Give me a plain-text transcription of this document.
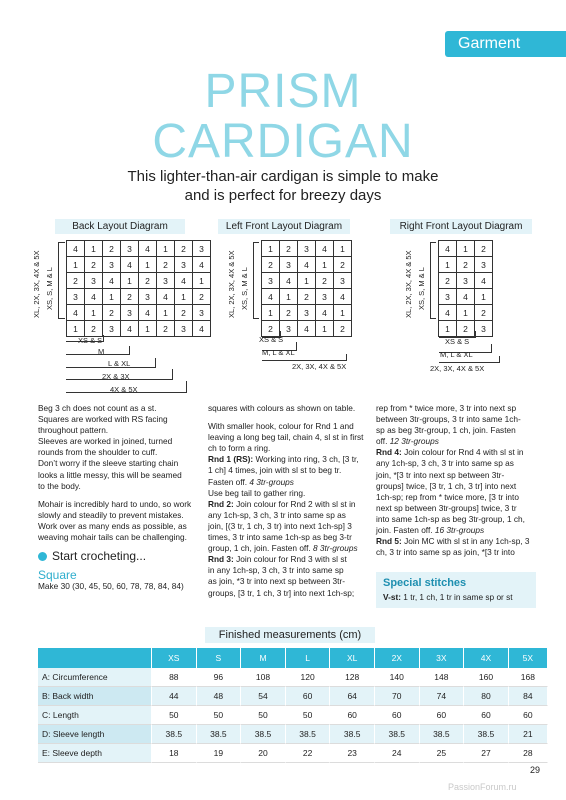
Garment
PRISM
CARDIGAN
This lighter-than-air cardigan is simple to make
and is perfect for breezy days
Back Layout Diagram
XL, 2X, 3X, 4X & 5X XS, S, M & L
4	1	2	3	4	1	2	3
1	2	3	4	1	2	3	4
2	3	4	1	2	3	4	1
3	4	1	2	3	4	1	2
4	1	2	3	4	1	2	3
1	2	3	4	1	2	3	4
XS & S
M
L & XL
2X & 3X
4X & 5X
Left Front Layout Diagram
XL, 2X, 3X, 4X & 5X XS, S, M & L
1	2	3	4	1
2	3	4	1	2
3	4	1	2	3
4	1	2	3	4
1	2	3	4	1
2	3	4	1	2
XS & S
M, L & XL
2X, 3X, 4X & 5X
Right Front Layout Diagram
XL, 2X, 3X, 4X & 5X XS, S, M & L
4	1	2
1	2	3
2	3	4
3	4	1
4	1	2
1	2	3
XS & S
M, L & XL
2X, 3X, 4X & 5X

Beg 3 ch does not count as a st.

Squares are worked with RS facing

throughout pattern.

Sleeves are worked in joined, turned

rounds from the shoulder to cuff.

Don’t worry if the sleeve starting chain

looks a little messy, this will be seamed

to the body.

Mohair is incredibly hard to undo, so work

slowly and steadily to prevent mistakes.

Work over as many ends as possible, as

weaving mohair tails can be challenging.

Start crocheting...
Square

Make 30 (30, 45, 50, 60, 78, 78, 84, 84)

squares with colours as shown on table.

With smaller hook, colour for Rnd 1 and

leaving a long beg tail, chain 4, sl st in first

ch to form a ring.

Rnd 1 (RS): Working into ring, 3 ch, [3 tr,

1 ch] 4 times, join with sl st to beg tr.

Fasten off. 4 3tr-groups

Use beg tail to gather ring.

Rnd 2: Join colour for Rnd 2 with sl st in

any 1ch-sp, 3 ch, 3 tr into same sp as

join, [(3 tr, 1 ch, 3 tr) into next 1ch-sp] 3

times, 3 tr into same 1ch-sp as beg 3-tr

group, 1 ch, join. Fasten off. 8 3tr-groups

Rnd 3: Join colour for Rnd 3 with sl st

in any 1ch-sp, 3 ch, 3 tr into same sp

as join, *3 tr into next sp between 3tr-

groups, [3 tr, 1 ch, 3 tr] into next 1ch-sp;

rep from * twice more, 3 tr into next sp

between 3tr-groups, 3 tr into same 1ch-

sp as beg 3tr-group, 1 ch, join. Fasten

off. 12 3tr-groups

Rnd 4: Join colour for Rnd 4 with sl st in

any 1ch-sp, 3 ch, 3 tr into same sp as

join, *[3 tr into next sp between 3tr-

groups] twice, [3 tr, 1 ch, 3 tr] into next

1ch-sp; rep from * twice more, [3 tr into

next sp between 3tr-groups] twice, 3 tr

into same 1ch-sp as beg 3tr-group, 1 ch,

join. Fasten off. 16 3tr-groups

Rnd 5: Join MC with sl st in any 1ch-sp, 3

ch, 3 tr into same sp as join, *[3 tr into

Special stitches
V-st: 1 tr, 1 ch, 1 tr in same sp or st
Finished measurements (cm)
	XS	S	M	L	XL	2X	3X	4X	5X
A: Circumference	88	96	108	120	128	140	148	160	168
B: Back width	44	48	54	60	64	70	74	80	84
C: Length	50	50	50	50	60	60	60	60	60
D: Sleeve length	38.5	38.5	38.5	38.5	38.5	38.5	38.5	38.5	21
E: Sleeve depth	18	19	20	22	23	24	25	27	28
29
PassionForum.ru
